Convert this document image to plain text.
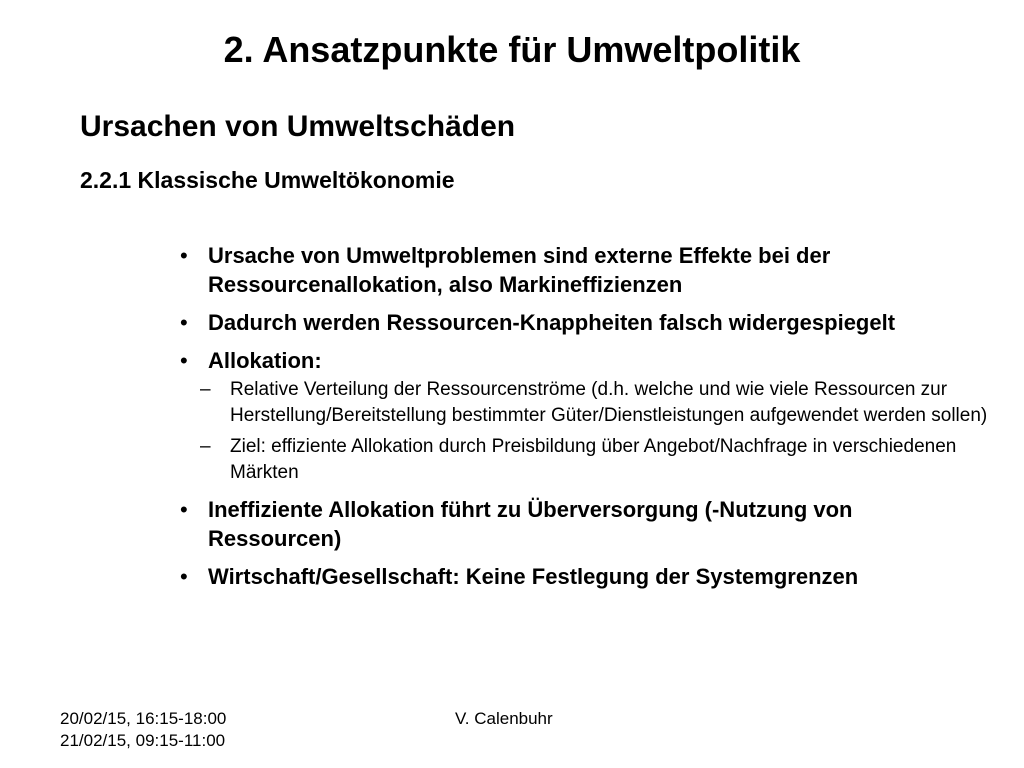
2. Ansatzpunkte für Umweltpolitik
Ursachen von Umweltschäden
2.2.1 Klassische Umweltökonomie
• Ursache von Umweltproblemen sind externe Effekte bei der Ressourcenallokation, also Markineffizienzen
• Dadurch werden Ressourcen-Knappheiten falsch widergespiegelt
• Allokation:
– Relative Verteilung der Ressourcenströme (d.h. welche und wie viele Ressourcen zur Herstellung/Bereitstellung bestimmter Güter/Dienstleistungen aufgewendet werden sollen)
– Ziel: effiziente Allokation durch Preisbildung über Angebot/Nachfrage in verschiedenen Märkten
• Ineffiziente Allokation führt zu Überversorgung (-Nutzung von Ressourcen)
• Wirtschaft/Gesellschaft: Keine Festlegung der Systemgrenzen
20/02/15, 16:15-18:00
21/02/15, 09:15-11:00
V. Calenbuhr
